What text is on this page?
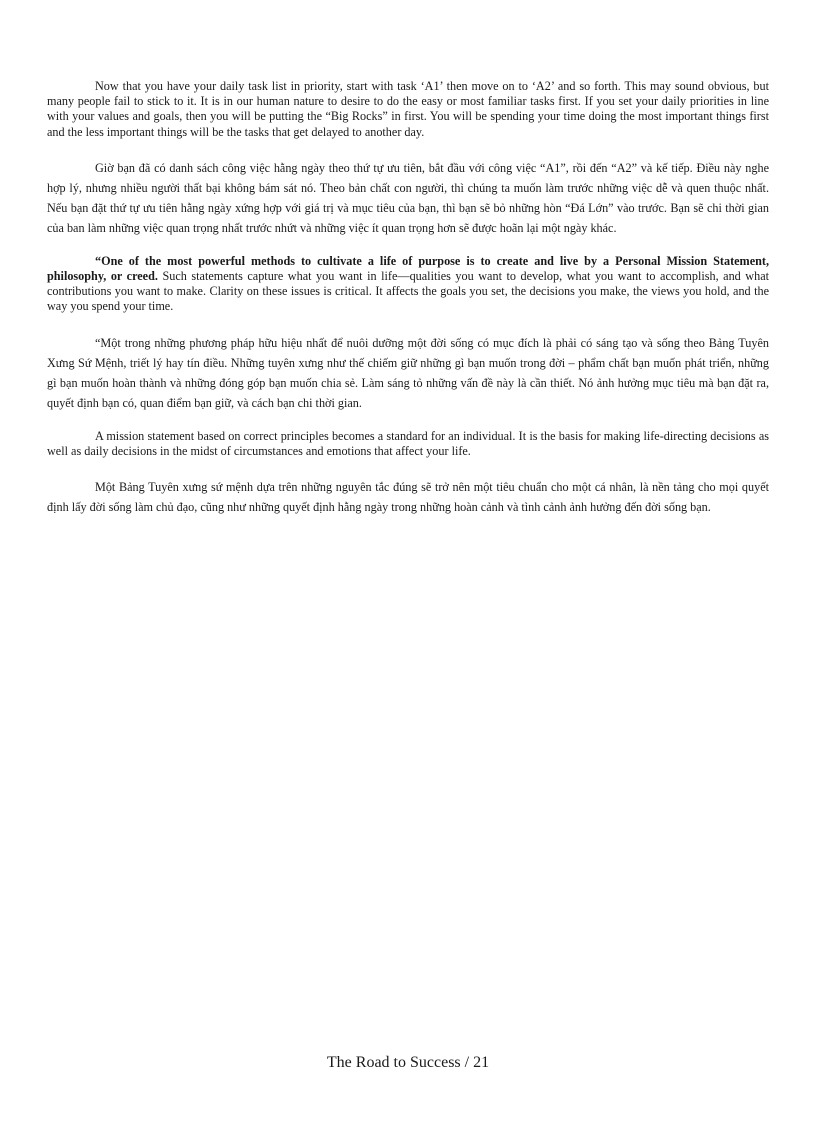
Now that you have your daily task list in priority, start with task ‘A1’ then move on to ‘A2’ and so forth. This may sound obvious, but many people fail to stick to it. It is in our human nature to desire to do the easy or most familiar tasks first. If you set your daily priorities in line with your values and goals, then you will be putting the “Big Rocks” in first. You will be spending your time doing the most important things first and the less important things will be the tasks that get delayed to another day.

Giờ bạn đã có danh sách công việc hằng ngày theo thứ tự ưu tiên, bắt đầu với công việc “A1”, rồi đến “A2” và kế tiếp. Điều này nghe hợp lý, nhưng nhiều người thất bại không bám sát nó. Theo bản chất con người, thì chúng ta muốn làm trước những việc dễ và quen thuộc nhất. Nếu bạn đặt thứ tự ưu tiên hằng ngày xứng hợp với giá trị và mục tiêu của bạn, thì bạn sẽ bỏ những hòn “Đá Lớn” vào trước. Bạn sẽ chi thời gian của ban làm những việc quan trọng nhất trước nhứt và những việc ít quan trọng hơn sẽ được hoãn lại một ngày khác.

“One of the most powerful methods to cultivate a life of purpose is to create and live by a Personal Mission Statement, philosophy, or creed. Such statements capture what you want in life—qualities you want to develop, what you want to accomplish, and what contributions you want to make. Clarity on these issues is critical. It affects the goals you set, the decisions you make, the views you hold, and the way you spend your time.

“Một trong những phương pháp hữu hiệu nhất để nuôi dưỡng một đời sống có mục đích là phải có sáng tạo và sống theo Bảng Tuyên Xưng Sứ Mệnh, triết lý hay tín điều. Những tuyên xưng như thế chiếm giữ những gì bạn muốn trong đời – phẩm chất bạn muốn phát triển, những gì bạn muốn hoàn thành và những đóng góp bạn muốn chia sẻ. Làm sáng tỏ những vấn đề này là cần thiết. Nó ảnh hưởng mục tiêu mà bạn đặt ra, quyết định bạn có, quan điểm bạn giữ, và cách bạn chi thời gian.

A mission statement based on correct principles becomes a standard for an individual. It is the basis for making life-directing decisions as well as daily decisions in the midst of circumstances and emotions that affect your life.

Một Bảng Tuyên xưng sứ mệnh dựa trên những nguyên tắc đúng sẽ trở nên một tiêu chuẩn cho một cá nhân, là nền tảng cho mọi quyết định lấy đời sống làm chủ đạo, cũng như những quyết định hằng ngày trong những hoàn cảnh và tình cảnh ảnh hưởng đến đời sống bạn.

The Road to Success / 21
